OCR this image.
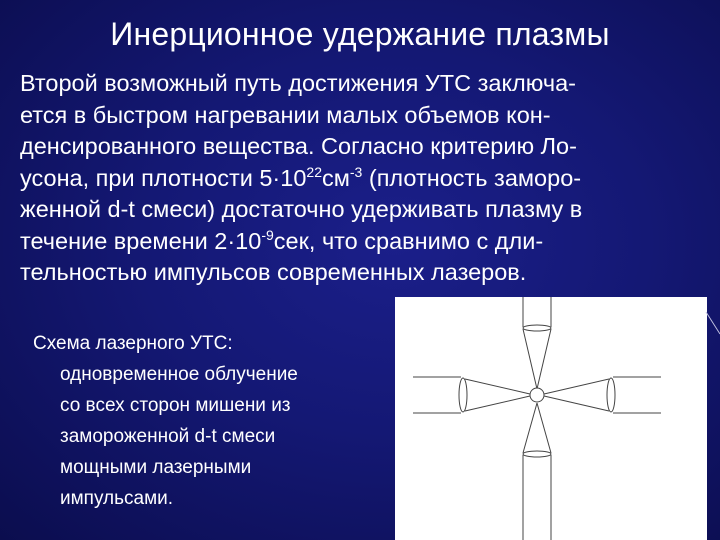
Инерционное удержание плазмы
Второй возможный путь достижения УТС заключа-
ется в быстром нагревании малых объемов кон-
денсированного вещества. Согласно критерию Ло-
усона, при плотности $5\cdot 10^{22}см^{-3}$ (плотность заморо-
женной d-t смеси) достаточно удерживать плазму в
течение времени $2\cdot 10^{-9}сек$, что сравнимо с дли-
тельностью импульсов современных лазеров.
Схема лазерного УТС:
одновременное облучение
со всех сторон мишени из
замороженной d-t смеси
мощными лазерными
импульсами.
